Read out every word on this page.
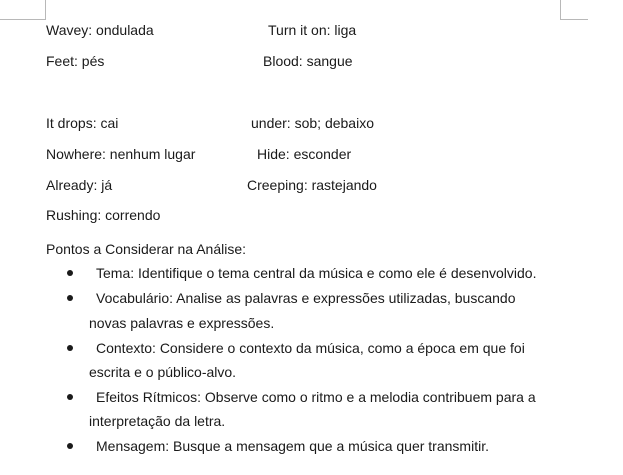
Wavey: ondulada	Turn it on: liga
Feet: pés	Blood: sangue
It drops: cai	under: sob; debaixo
Nowhere: nenhum lugar	Hide: esconder
Already: já	Creeping: rastejando
Rushing: correndo
Pontos a Considerar na Análise:
Tema: Identifique o tema central da música e como ele é desenvolvido.
Vocabulário: Analise as palavras e expressões utilizadas, buscando
novas palavras e expressões.
Contexto: Considere o contexto da música, como a época em que foi
escrita e o público-alvo.
Efeitos Rítmicos: Observe como o ritmo e a melodia contribuem para a
interpretação da letra.
Mensagem: Busque a mensagem que a música quer transmitir.
